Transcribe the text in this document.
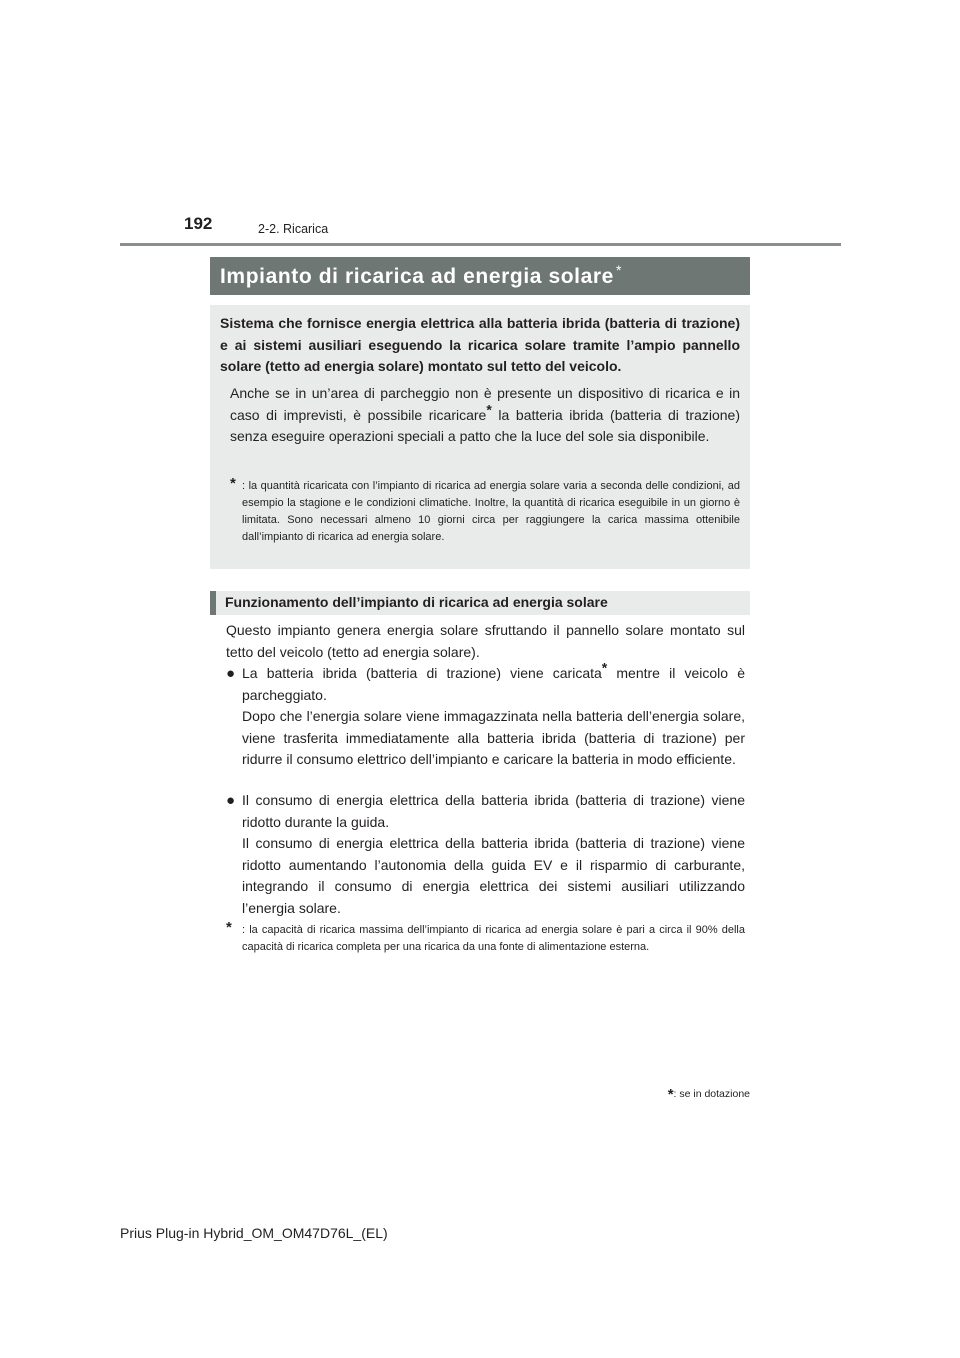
192	2-2. Ricarica
Impianto di ricarica ad energia solare *
Sistema che fornisce energia elettrica alla batteria ibrida (batteria di trazione) e ai sistemi ausiliari eseguendo la ricarica solare tramite l’ampio pannello solare (tetto ad energia solare) montato sul tetto del veicolo.
Anche se in un’area di parcheggio non è presente un dispositivo di ricarica e in caso di imprevisti, è possibile ricaricare* la batteria ibrida (batteria di trazione) senza eseguire operazioni speciali a patto che la luce del sole sia disponibile.
* : la quantità ricaricata con l’impianto di ricarica ad energia solare varia a seconda delle condizioni, ad esempio la stagione e le condizioni climatiche. Inoltre, la quantità di ricarica eseguibile in un giorno è limitata. Sono necessari almeno 10 giorni circa per raggiungere la carica massima ottenibile dall’impianto di ricarica ad energia solare.
Funzionamento dell’impianto di ricarica ad energia solare
Questo impianto genera energia solare sfruttando il pannello solare montato sul tetto del veicolo (tetto ad energia solare).
● La batteria ibrida (batteria di trazione) viene caricata* mentre il veicolo è parcheggiato.
Dopo che l’energia solare viene immagazzinata nella batteria dell’energia solare, viene trasferita immediatamente alla batteria ibrida (batteria di trazione) per ridurre il consumo elettrico dell’impianto e caricare la batteria in modo efficiente.
● Il consumo di energia elettrica della batteria ibrida (batteria di trazione) viene ridotto durante la guida.
Il consumo di energia elettrica della batteria ibrida (batteria di trazione) viene ridotto aumentando l’autonomia della guida EV e il risparmio di carburante, integrando il consumo di energia elettrica dei sistemi ausiliari utilizzando l’energia solare.
* : la capacità di ricarica massima dell’impianto di ricarica ad energia solare è pari a circa il 90% della capacità di ricarica completa per una ricarica da una fonte di alimentazione esterna.
*: se in dotazione
Prius Plug-in Hybrid_OM_OM47D76L_(EL)
